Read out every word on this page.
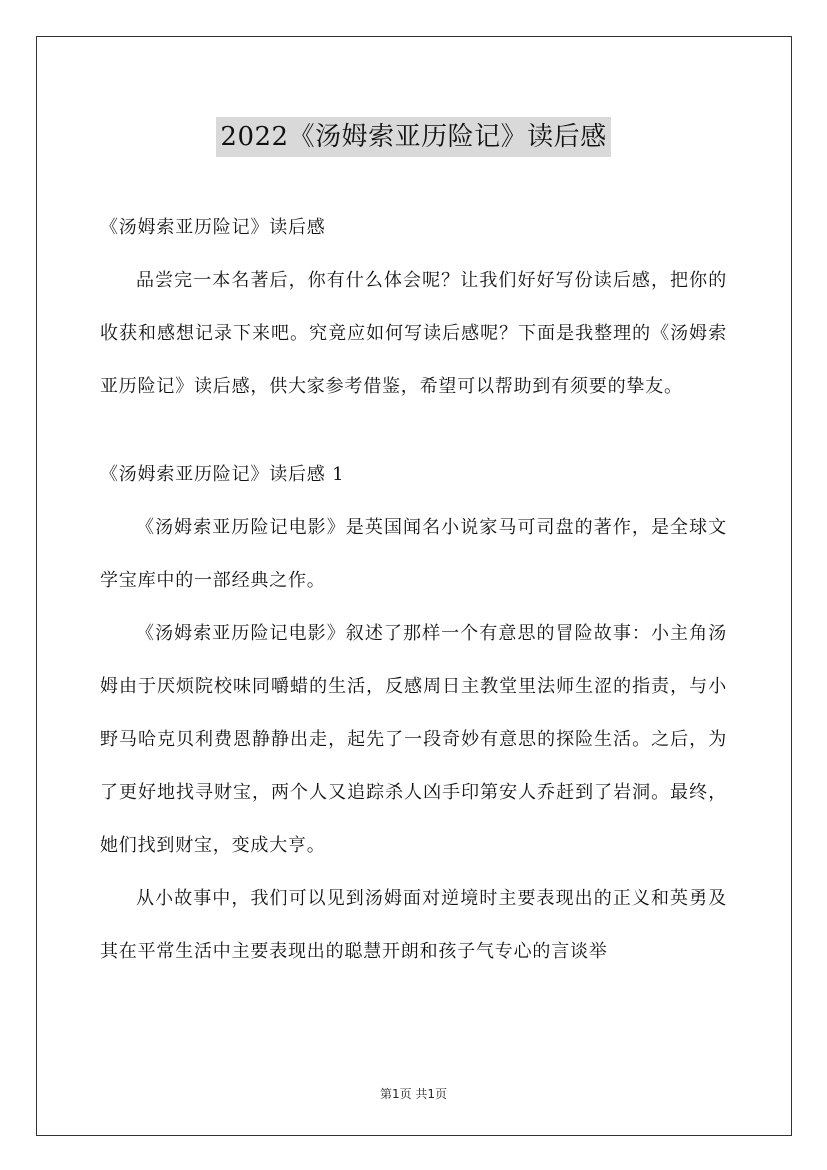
2022《汤姆索亚历险记》读后感
《汤姆索亚历险记》读后感

品尝完一本名著后，你有什么体会呢？让我们好好写份读后感，把你的收获和感想记录下来吧。究竟应如何写读后感呢？下面是我整理的《汤姆索亚历险记》读后感，供大家参考借鉴，希望可以帮助到有须要的挚友。

《汤姆索亚历险记》读后感 1

《汤姆索亚历险记电影》是英国闻名小说家马可司盘的著作，是全球文学宝库中的一部经典之作。

《汤姆索亚历险记电影》叙述了那样一个有意思的冒险故事：小主角汤姆由于厌烦院校味同嚼蜡的生活，反感周日主教堂里法师生涩的指责，与小野马哈克贝利费恩静静出走，起先了一段奇妙有意思的探险生活。之后，为了更好地找寻财宝，两个人又追踪杀人凶手印第安人乔赶到了岩洞。最终，她们找到财宝，变成大亨。

从小故事中，我们可以见到汤姆面对逆境时主要表现出的正义和英勇及其在平常生活中主要表现出的聪慧开朗和孩子气专心的言谈举

第1页 共1页
